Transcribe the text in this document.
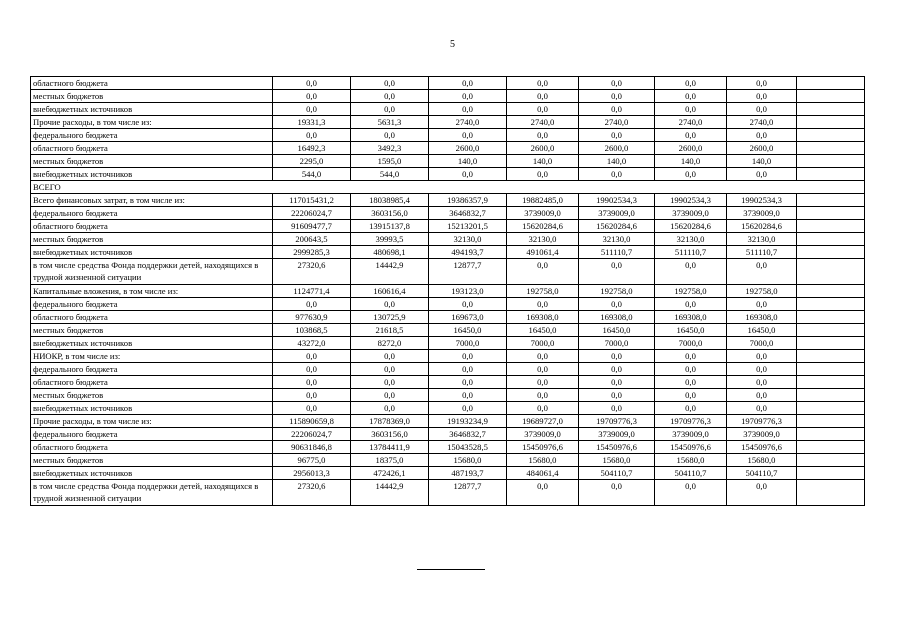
5
областного бюджета	0,0	0,0	0,0	0,0	0,0	0,0	0,0	
местных бюджетов	0,0	0,0	0,0	0,0	0,0	0,0	0,0	
внебюджетных источников	0,0	0,0	0,0	0,0	0,0	0,0	0,0	
Прочие расходы, в том числе из:	19331,3	5631,3	2740,0	2740,0	2740,0	2740,0	2740,0	
федерального бюджета	0,0	0,0	0,0	0,0	0,0	0,0	0,0	
областного бюджета	16492,3	3492,3	2600,0	2600,0	2600,0	2600,0	2600,0	
местных бюджетов	2295,0	1595,0	140,0	140,0	140,0	140,0	140,0	
внебюджетных источников	544,0	544,0	0,0	0,0	0,0	0,0	0,0	
ВСЕГО								
Всего финансовых затрат, в том числе из:	117015431,2	18038985,4	19386357,9	19882485,0	19902534,3	19902534,3	19902534,3	
федерального бюджета	22206024,7	3603156,0	3646832,7	3739009,0	3739009,0	3739009,0	3739009,0	
областного бюджета	91609477,7	13915137,8	15213201,5	15620284,6	15620284,6	15620284,6	15620284,6	
местных бюджетов	200643,5	39993,5	32130,0	32130,0	32130,0	32130,0	32130,0	
внебюджетных источников	2999285,3	480698,1	494193,7	491061,4	511110,7	511110,7	511110,7	
в том числе средства Фонда поддержки детей, находящихся в трудной жизненной ситуации	27320,6	14442,9	12877,7	0,0	0,0	0,0	0,0	
Капитальные вложения, в том числе из:	1124771,4	160616,4	193123,0	192758,0	192758,0	192758,0	192758,0	
федерального бюджета	0,0	0,0	0,0	0,0	0,0	0,0	0,0	
областного бюджета	977630,9	130725,9	169673,0	169308,0	169308,0	169308,0	169308,0	
местных бюджетов	103868,5	21618,5	16450,0	16450,0	16450,0	16450,0	16450,0	
внебюджетных источников	43272,0	8272,0	7000,0	7000,0	7000,0	7000,0	7000,0	
НИОКР, в том числе из:	0,0	0,0	0,0	0,0	0,0	0,0	0,0	
федерального бюджета	0,0	0,0	0,0	0,0	0,0	0,0	0,0	
областного бюджета	0,0	0,0	0,0	0,0	0,0	0,0	0,0	
местных бюджетов	0,0	0,0	0,0	0,0	0,0	0,0	0,0	
внебюджетных источников	0,0	0,0	0,0	0,0	0,0	0,0	0,0	
Прочие расходы, в том числе из:	115890659,8	17878369,0	19193234,9	19689727,0	19709776,3	19709776,3	19709776,3	
федерального бюджета	22206024,7	3603156,0	3646832,7	3739009,0	3739009,0	3739009,0	3739009,0	
областного бюджета	90631846,8	13784411,9	15043528,5	15450976,6	15450976,6	15450976,6	15450976,6	
местных бюджетов	96775,0	18375,0	15680,0	15680,0	15680,0	15680,0	15680,0	
внебюджетных источников	2956013,3	472426,1	487193,7	484061,4	504110,7	504110,7	504110,7	
в том числе средства Фонда поддержки детей, находящихся в трудной жизненной ситуации	27320,6	14442,9	12877,7	0,0	0,0	0,0	0,0	
